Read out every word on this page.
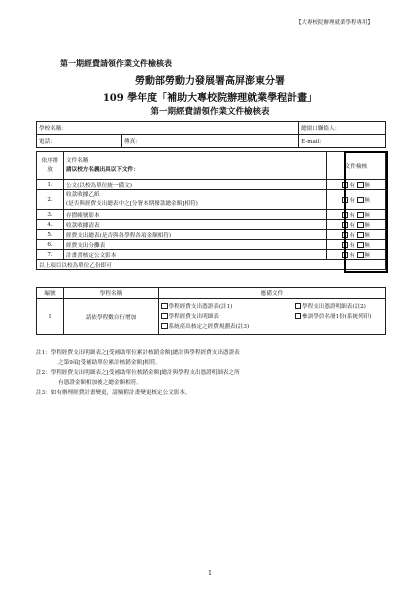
【大專校院辦理就業學程專用】
第一期經費請領作業文件檢核表
勞動部勞動力發展署高屏澎東分署
109 學年度「補助大專校院辦理就業學程計畫」
第一期經費請領作業文件檢核表
學校名稱：		總窗口聯絡人：
電話：	傳真：	E-mail：
依序排放	文件名稱
請以校方名義出具以下文件：	文件檢核
1.	公文(以校為單位統一備文)	有 無
2.	收款收據乙紙
(是否與經費支出總表中之[分署本期撥款總金額]相符)	有 無
3.	存摺帳號影本	有 無
4.	收款收據清表	有 無
5.	經費支出總表(是否與各學程各項金額相符)	有 無
6.	經費支出分攤表	有 無
7.	計畫書核定公文影本	有 無
以上項目以校為單位乙份即可		
編號	學程名稱	應備文件
1	請依學程數自行增加	學程經費支出憑證表(註1) 學程支出憑證明細表(註2)
學程經費支出明細表 參訓學員名冊1份(系統列印)
系統產出核定之經費規劃表(註3)
註1：學程經費支出明細表之[受補助單位累計核銷金額]總計與學程經費支出憑證表
之第9項[受補助單位累計核銷金額]相符。
註2：學程經費支出明細表之[受補助單位核銷金額]總計與學程支出憑證明細表之所
有憑證金額相加後之總金額相符。
註3：如有辦理經費計畫變更，請檢附計畫變更核定公文影本。
1
